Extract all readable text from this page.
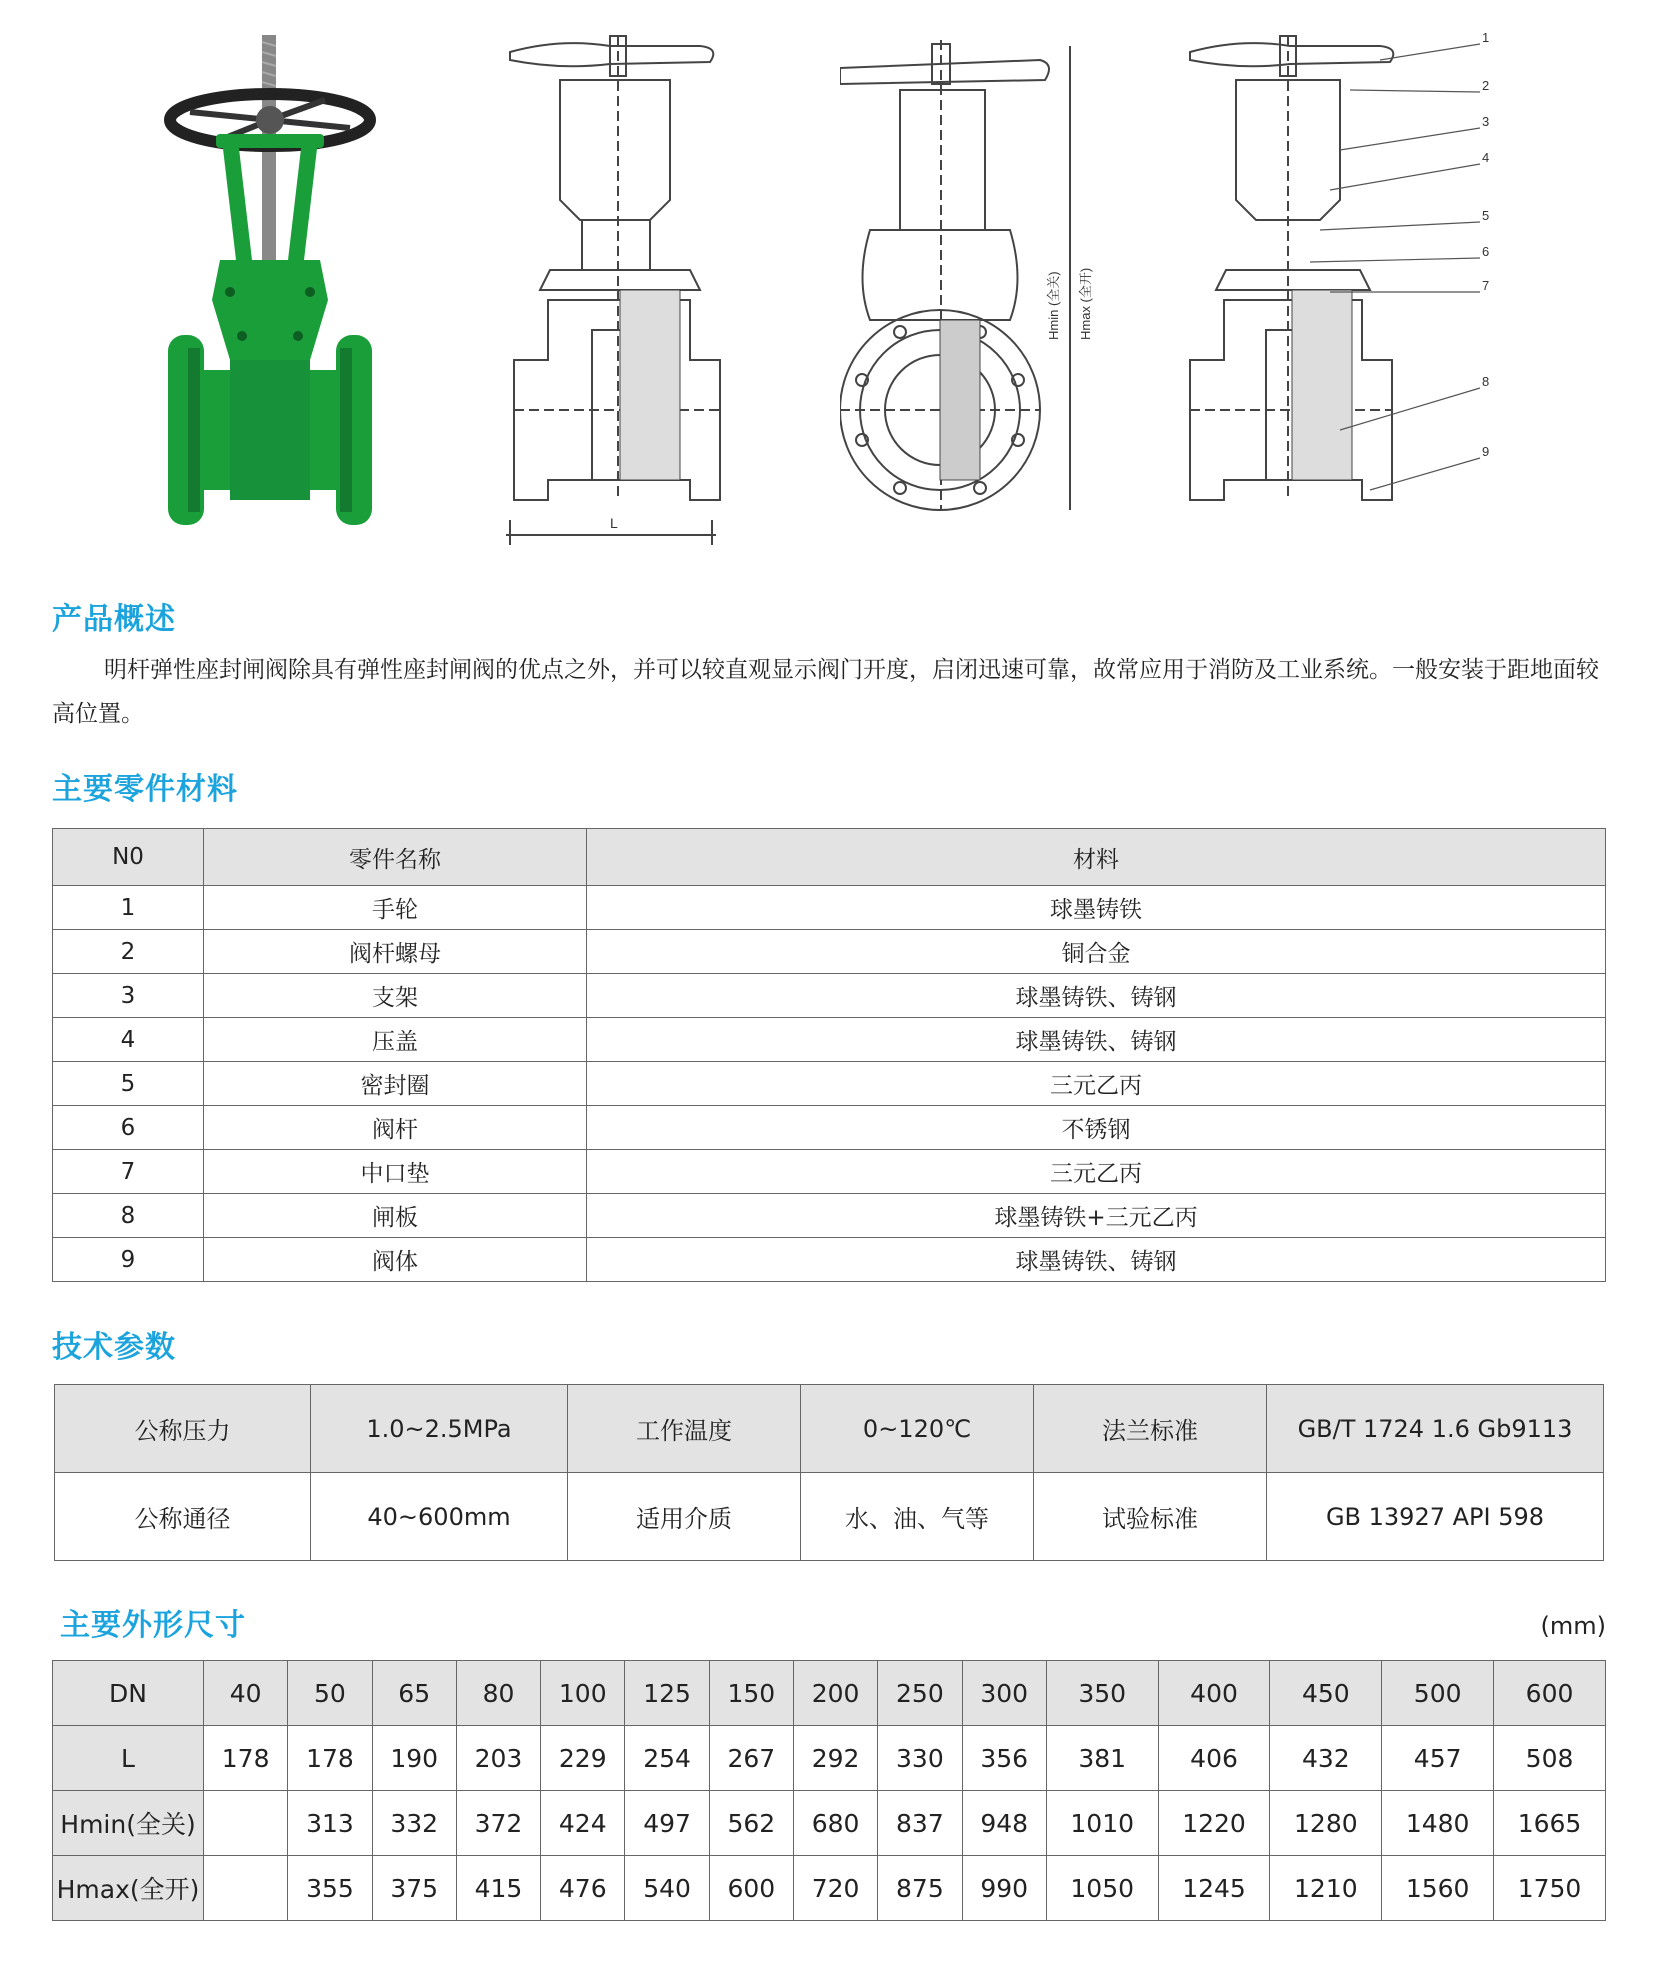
L
Hmin (全关) Hmax (全开)
1
2
3
4
5
6
7
8
9
产品概述
明杆弹性座封闸阀除具有弹性座封闸阀的优点之外，并可以较直观显示阀门开度，启闭迅速可靠，故常应用于消防及工业系统。一般安装于距地面较高位置。
主要零件材料
N0	零件名称	材料
1	手轮	球墨铸铁
2	阀杆螺母	铜合金
3	支架	球墨铸铁、铸钢
4	压盖	球墨铸铁、铸钢
5	密封圈	三元乙丙
6	阀杆	不锈钢
7	中口垫	三元乙丙
8	闸板	球墨铸铁+三元乙丙
9	阀体	球墨铸铁、铸钢
技术参数
公称压力	1.0~2.5MPa	工作温度	0~120℃	法兰标准	GB/T 1724 1.6 Gb9113
公称通径	40~600mm	适用介质	水、油、气等	试验标准	GB 13927 API 598
主要外形尺寸	(mm)
DN	40	50	65	80	100	125	150	200	250	300	350	400	450	500	600
L	178	178	190	203	229	254	267	292	330	356	381	406	432	457	508
Hmin(全关)		313	332	372	424	497	562	680	837	948	1010	1220	1280	1480	1665
Hmax(全开)		355	375	415	476	540	600	720	875	990	1050	1245	1210	1560	1750
